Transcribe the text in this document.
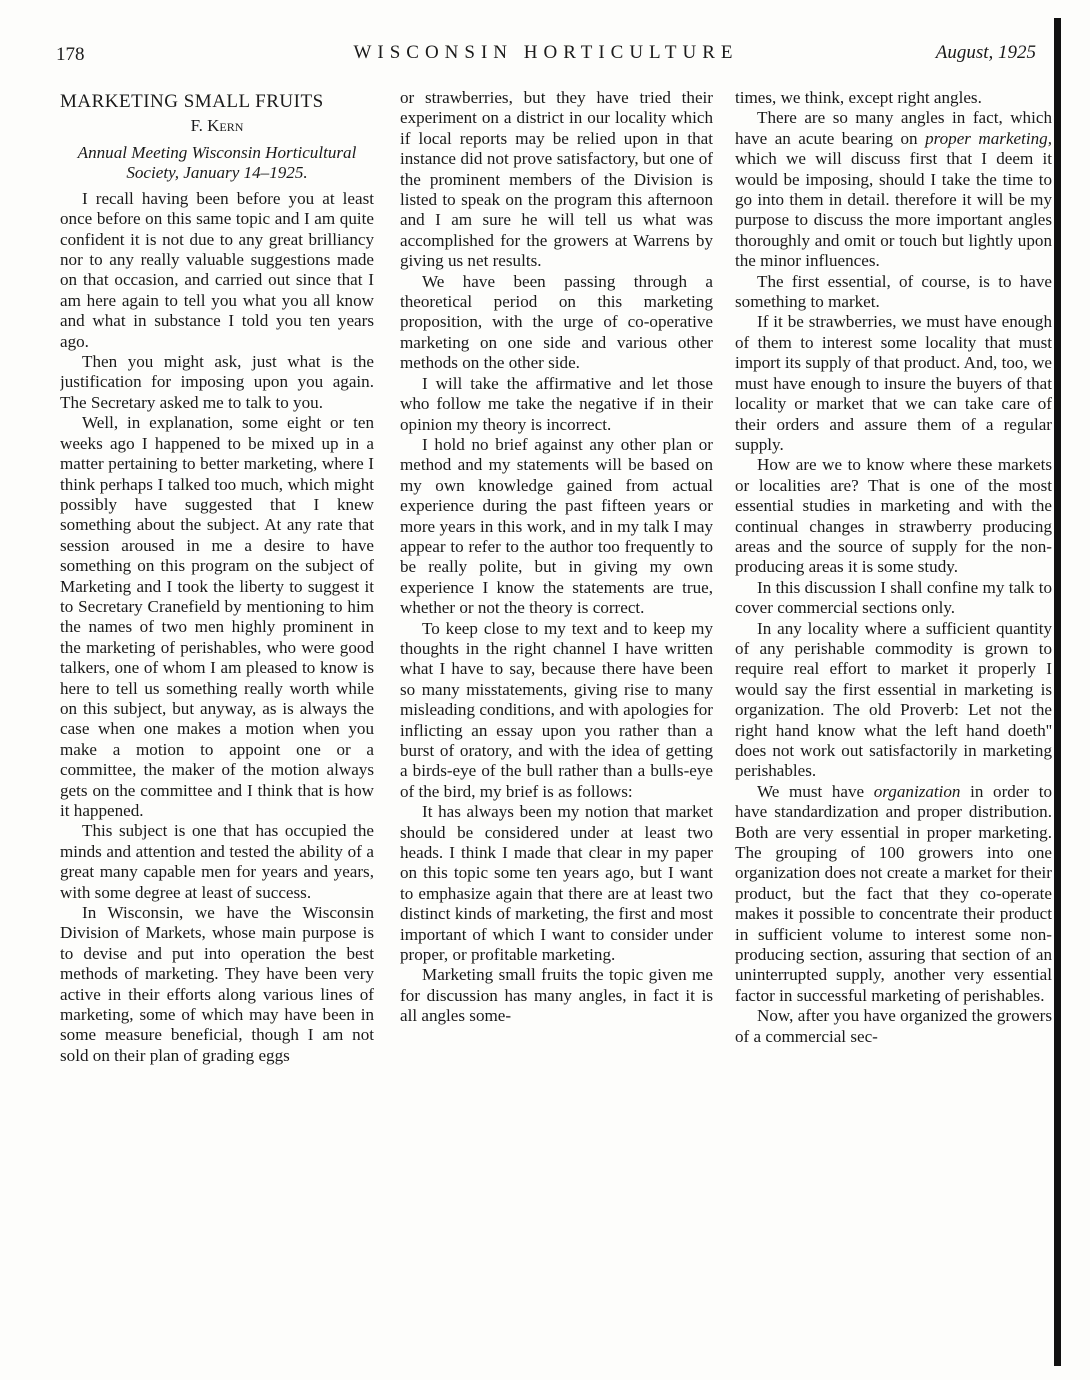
178	WISCONSIN HORTICULTURE	August, 1925
MARKETING SMALL FRUITS
F. Kern
Annual Meeting Wisconsin Horticultural Society, January 14–1925.

I recall having been before you at least once before on this same topic and I am quite confident it is not due to any great brilliancy nor to any really valuable suggestions made on that occasion, and carried out since that I am here again to tell you what you all know and what in substance I told you ten years ago.

Then you might ask, just what is the justification for imposing upon you again. The Secretary asked me to talk to you.

Well, in explanation, some eight or ten weeks ago I happened to be mixed up in a matter pertaining to better marketing, where I think perhaps I talked too much, which might possibly have suggested that I knew something about the subject. At any rate that session aroused in me a desire to have something on this program on the subject of Marketing and I took the liberty to suggest it to Secretary Cranefield by mentioning to him the names of two men highly prominent in the marketing of perishables, who were good talkers, one of whom I am pleased to know is here to tell us something really worth while on this subject, but anyway, as is always the case when one makes a motion when you make a motion to appoint one or a committee, the maker of the motion always gets on the committee and I think that is how it happened.

This subject is one that has occupied the minds and attention and tested the ability of a great many capable men for years and years, with some degree at least of success.

In Wisconsin, we have the Wisconsin Division of Markets, whose main purpose is to devise and put into operation the best methods of marketing. They have been very active in their efforts along various lines of marketing, some of which may have been in some measure beneficial, though I am not sold on their plan of grading eggs

or strawberries, but they have tried their experiment on a district in our locality which if local reports may be relied upon in that instance did not prove satisfactory, but one of the prominent members of the Division is listed to speak on the program this afternoon and I am sure he will tell us what was accomplished for the growers at Warrens by giving us net results.

We have been passing through a theoretical period on this marketing proposition, with the urge of co-operative marketing on one side and various other methods on the other side.

I will take the affirmative and let those who follow me take the negative if in their opinion my theory is incorrect.

I hold no brief against any other plan or method and my statements will be based on my own knowledge gained from actual experience during the past fifteen years or more years in this work, and in my talk I may appear to refer to the author too frequently to be really polite, but in giving my own experience I know the statements are true, whether or not the theory is correct.

To keep close to my text and to keep my thoughts in the right channel I have written what I have to say, because there have been so many misstatements, giving rise to many misleading conditions, and with apologies for inflicting an essay upon you rather than a burst of oratory, and with the idea of getting a birds-eye of the bull rather than a bulls-eye of the bird, my brief is as follows:

It has always been my notion that market should be considered under at least two heads. I think I made that clear in my paper on this topic some ten years ago, but I want to emphasize again that there are at least two distinct kinds of marketing, the first and most important of which I want to consider under proper, or profitable marketing.

Marketing small fruits the topic given me for discussion has many angles, in fact it is all angles some-

times, we think, except right angles.

There are so many angles in fact, which have an acute bearing on proper marketing, which we will discuss first that I deem it would be imposing, should I take the time to go into them in detail. therefore it will be my purpose to discuss the more important angles thoroughly and omit or touch but lightly upon the minor influences.

The first essential, of course, is to have something to market.

If it be strawberries, we must have enough of them to interest some locality that must import its supply of that product. And, too, we must have enough to insure the buyers of that locality or market that we can take care of their orders and assure them of a regular supply.

How are we to know where these markets or localities are? That is one of the most essential studies in marketing and with the continual changes in strawberry producing areas and the source of supply for the non-producing areas it is some study.

In this discussion I shall confine my talk to cover commercial sections only.

In any locality where a sufficient quantity of any perishable commodity is grown to require real effort to market it properly I would say the first essential in marketing is organization. The old Proverb: Let not the right hand know what the left hand doeth'' does not work out satisfactorily in marketing perishables.

We must have organization in order to have standardization and proper distribution. Both are very essential in proper marketing. The grouping of 100 growers into one organization does not create a market for their product, but the fact that they co-operate makes it possible to concentrate their product in sufficient volume to interest some non-producing section, assuring that section of an uninterrupted supply, another very essential factor in successful marketing of perishables.

Now, after you have organized the growers of a commercial sec-
